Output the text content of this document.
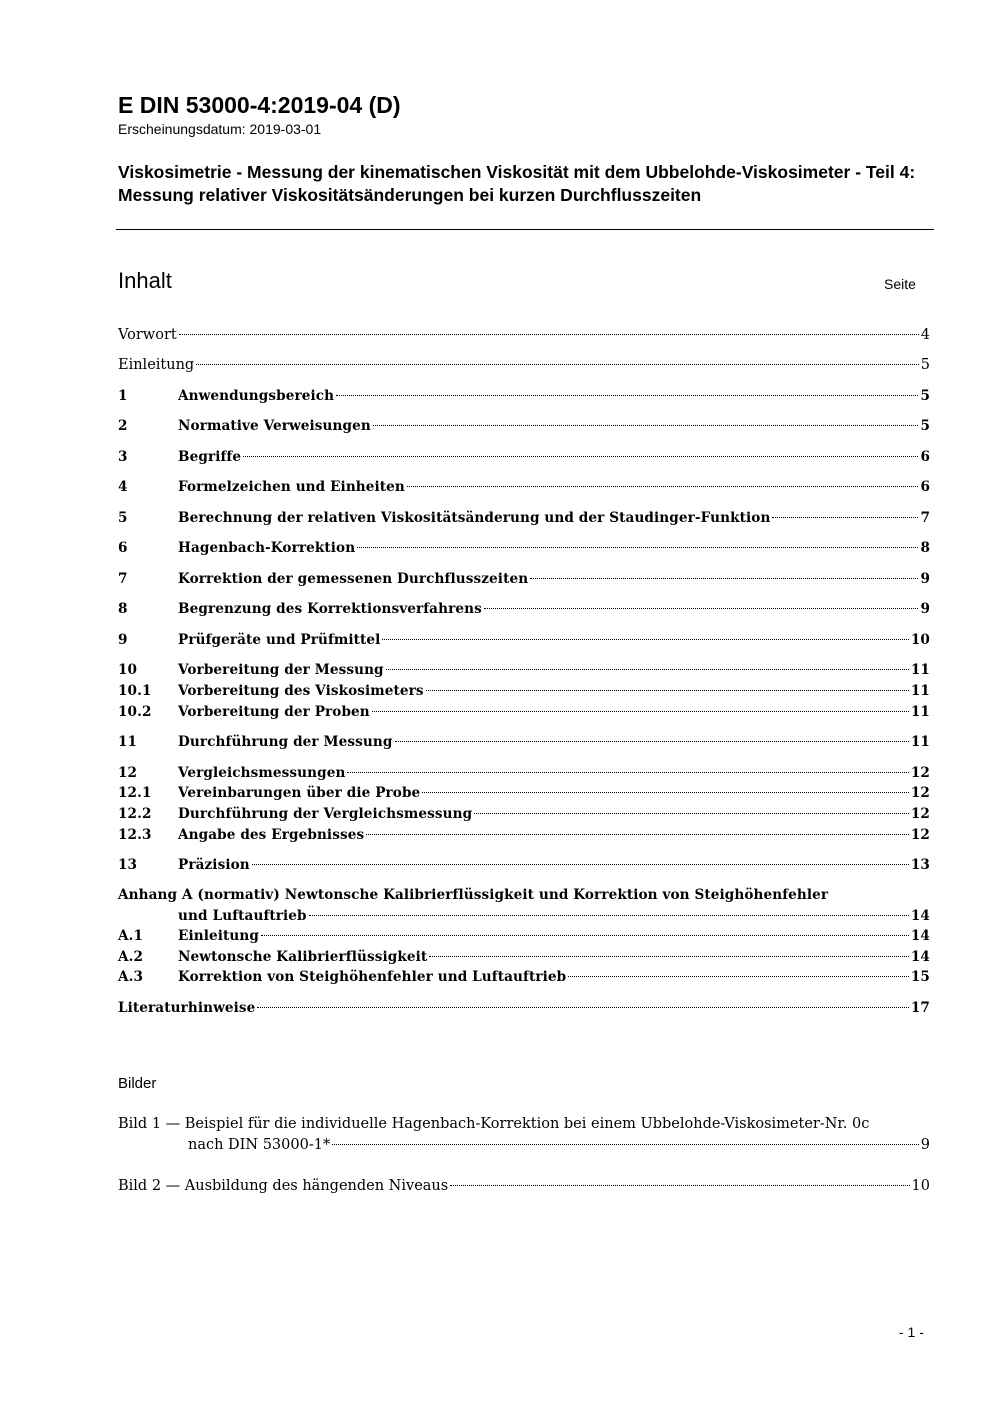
E DIN 53000-4:2019-04 (D)
Erscheinungsdatum: 2019-03-01
Viskosimetrie - Messung der kinematischen Viskosität mit dem Ubbelohde-Viskosimeter - Teil 4: Messung relativer Viskositätsänderungen bei kurzen Durchflusszeiten
Inhalt	Seite
Vorwort	4
Einleitung	5
1	Anwendungsbereich	5
2	Normative Verweisungen	5
3	Begriffe	6
4	Formelzeichen und Einheiten	6
5	Berechnung der relativen Viskositätsänderung und der Staudinger-Funktion	7
6	Hagenbach-Korrektion	8
7	Korrektion der gemessenen Durchflusszeiten	9
8	Begrenzung des Korrektionsverfahrens	9
9	Prüfgeräte und Prüfmittel	10
10	Vorbereitung der Messung	11
10.1	Vorbereitung des Viskosimeters	11
10.2	Vorbereitung der Proben	11
11	Durchführung der Messung	11
12	Vergleichsmessungen	12
12.1	Vereinbarungen über die Probe	12
12.2	Durchführung der Vergleichsmessung	12
12.3	Angabe des Ergebnisses	12
13	Präzision	13
Anhang A (normativ) Newtonsche Kalibrierflüssigkeit und Korrektion von Steighöhenfehler
und Luftauftrieb	14
A.1	Einleitung	14
A.2	Newtonsche Kalibrierflüssigkeit	14
A.3	Korrektion von Steighöhenfehler und Luftauftrieb	15
Literaturhinweise	17
Bilder
Bild 1 — Beispiel für die individuelle Hagenbach-Korrektion bei einem Ubbelohde-Viskosimeter-Nr. 0c
nach DIN 53000-1*	9
Bild 2 — Ausbildung des hängenden Niveaus	10
- 1 -
